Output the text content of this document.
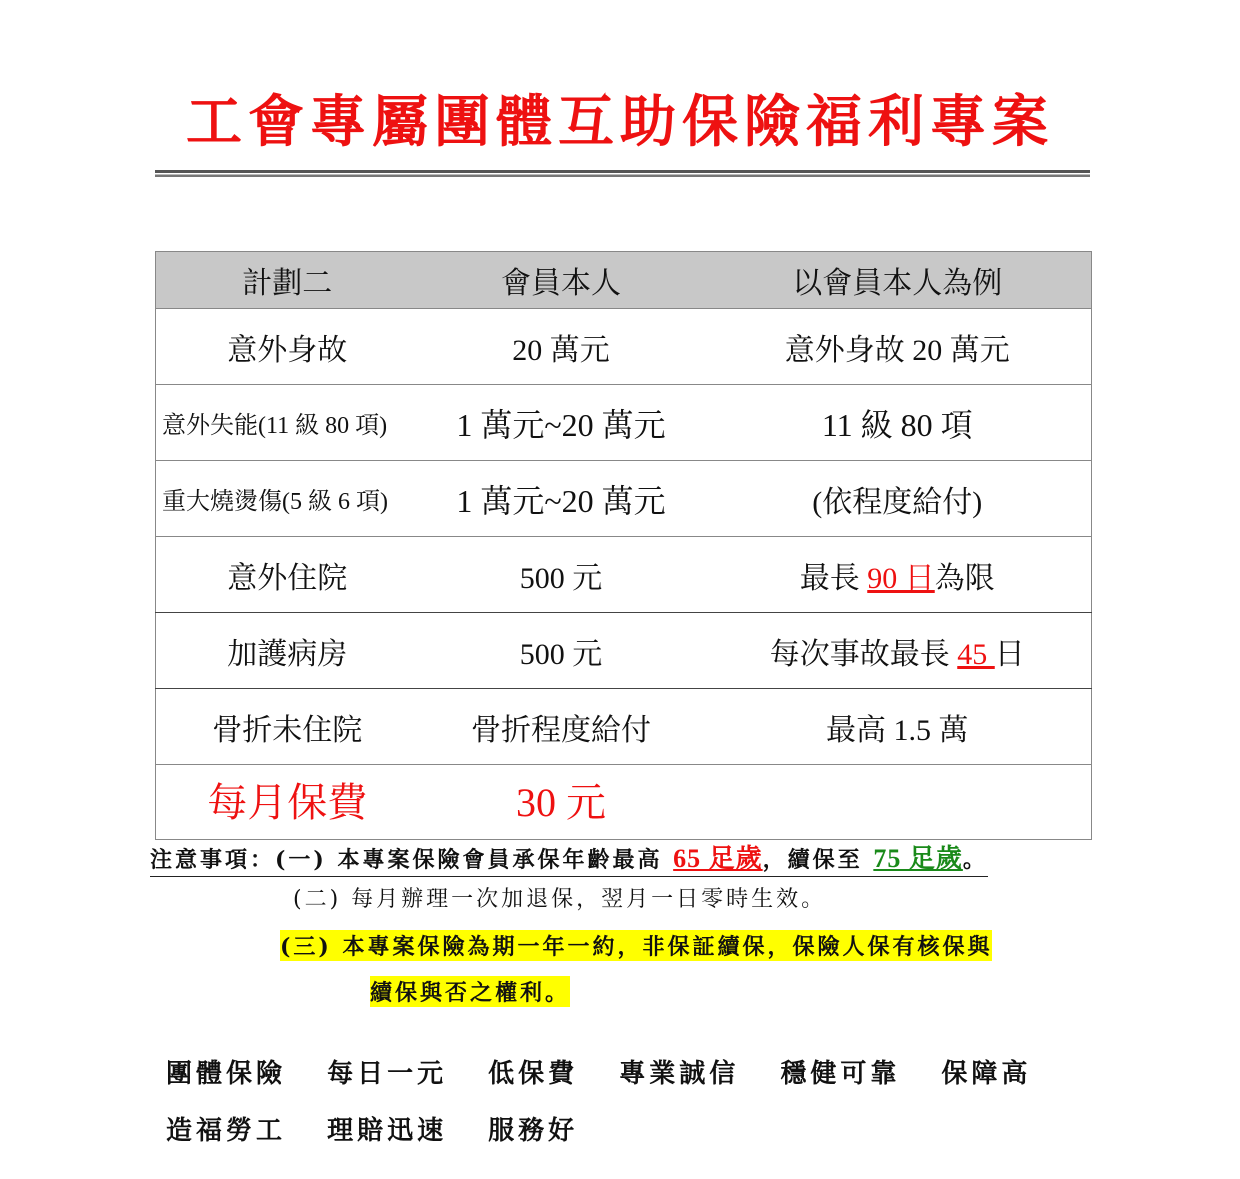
工會專屬團體互助保險福利專案
計劃二	會員本人	以會員本人為例
意外身故	20 萬元	意外身故 20 萬元
意外失能(11 級 80 項)	1 萬元~20 萬元	11 級 80 項
重大燒燙傷(5 級 6 項)	1 萬元~20 萬元	(依程度給付)
意外住院	500 元	最長 90 日為限
加護病房	500 元	每次事故最長 45 日
骨折未住院	骨折程度給付	最高 1.5 萬
每月保費	30 元	
注意事項：(一) 本專案保險會員承保年齡最高 65 足歲，續保至 75 足歲。
(二) 每月辦理一次加退保，翌月一日零時生效。
(三) 本專案保險為期一年一約，非保証續保，保險人保有核保與
續保與否之權利。
團體保險 每日一元 低保費 專業誠信 穩健可靠 保障高
造福勞工 理賠迅速 服務好
